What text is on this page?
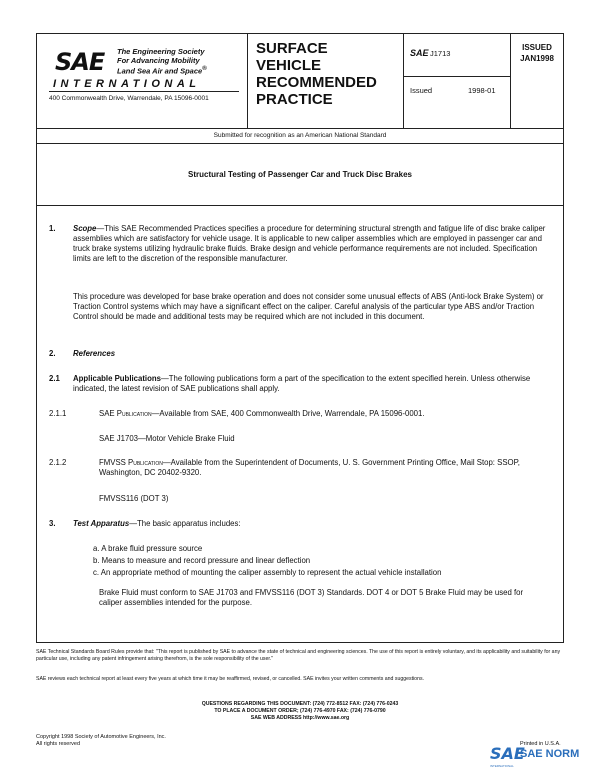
SAE The Engineering Society
For Advancing Mobility
Land Sea Air and Space®
INTERNATIONAL
400 Commonwealth Drive, Warrendale, PA 15096-0001
SURFACE
VEHICLE
RECOMMENDED
PRACTICE
SAE J1713
Issued	1998-01
ISSUED
JAN1998
Submitted for recognition as an American National Standard
Structural Testing of Passenger Car and Truck Disc Brakes
1. Scope—This SAE Recommended Practices specifies a procedure for determining structural strength and fatigue life of disc brake caliper assemblies which are satisfactory for vehicle usage. It is applicable to new caliper assemblies which are employed in passenger car and truck brake systems utilizing hydraulic brake fluids. Brake design and vehicle performance requirements are not included. Specification limits are left to the discretion of the responsible manufacturer.
This procedure was developed for base brake operation and does not consider some unusual effects of ABS (Anti-lock Brake System) or Traction Control systems which may have a significant effect on the caliper. Careful analysis of the particular type ABS and/or Traction Control should be made and additional tests may be required which are not included in this document.
2. References
2.1 Applicable Publications—The following publications form a part of the specification to the extent specified herein. Unless otherwise indicated, the latest revision of SAE publications shall apply.
2.1.1	SAE Publication—Available from SAE, 400 Commonwealth Drive, Warrendale, PA 15096-0001.
SAE J1703—Motor Vehicle Brake Fluid
2.1.2	FMVSS Publication—Available from the Superintendent of Documents, U. S. Government Printing Office, Mail Stop: SSOP, Washington, DC 20402-9320.
FMVSS116 (DOT 3)
3. Test Apparatus—The basic apparatus includes:
a. A brake fluid pressure source
b. Means to measure and record pressure and linear deflection
c. An appropriate method of mounting the caliper assembly to represent the actual vehicle installation
Brake Fluid must conform to SAE J1703 and FMVSS116 (DOT 3) Standards. DOT 4 or DOT 5 Brake Fluid may be used for caliper assemblies intended for the purpose.
SAE Technical Standards Board Rules provide that: "This report is published by SAE to advance the state of technical and engineering sciences. The use of this report is entirely voluntary, and its applicability and suitability for any particular use, including any patent infringement arising therefrom, is the sole responsibility of the user."
SAE reviews each technical report at least every five years at which time it may be reaffirmed, revised, or cancelled. SAE invites your written comments and suggestions.
QUESTIONS REGARDING THIS DOCUMENT: (724) 772-8512 FAX: (724) 776-0243
TO PLACE A DOCUMENT ORDER; (724) 776-4970 FAX: (724) 776-0790
SAE WEB ADDRESS http://www.sae.org
Copyright 1998 Society of Automotive Engineers, Inc.
All rights reserved	Printed in U.S.A.
SAE
SAE NORM
INTERNATIONAL
